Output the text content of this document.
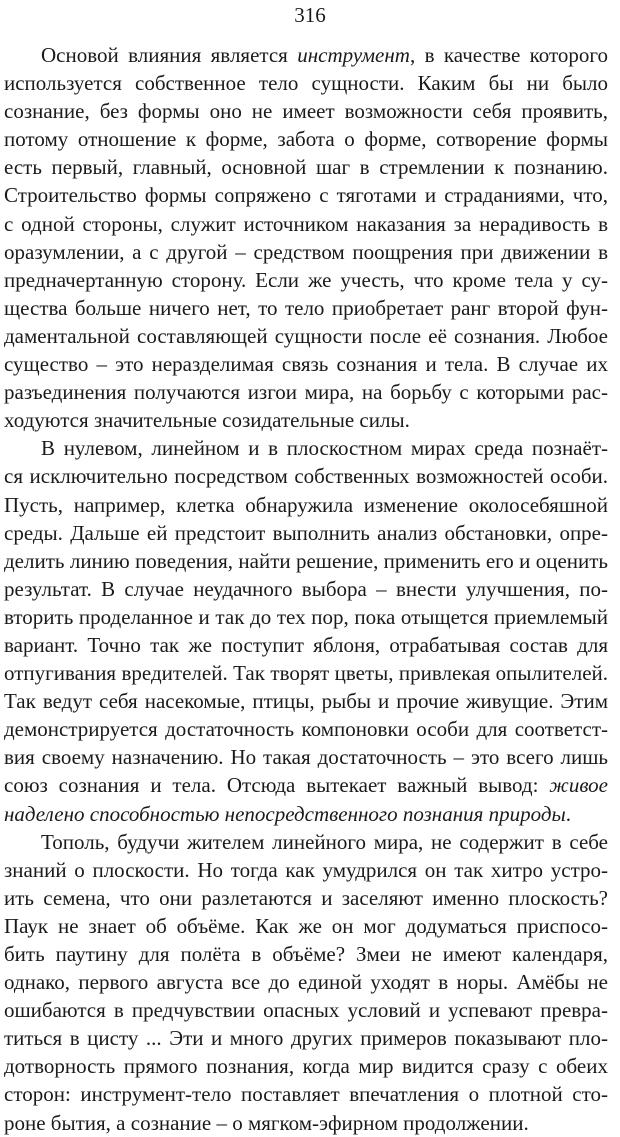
316
Основой влияния является инструмент, в качестве которого
используется собственное тело сущности. Каким бы ни было
сознание, без формы оно не имеет возможности себя проявить,
потому отношение к форме, забота о форме, сотворение формы
есть первый, главный, основной шаг в стремлении к познанию.
Строительство формы сопряжено с тяготами и страданиями, что,
с одной стороны, служит источником наказания за нерадивость в
оразумлении, а с другой – средством поощрения при движении в
предначертанную сторону. Если же учесть, что кроме тела у су-
щества больше ничего нет, то тело приобретает ранг второй фун-
даментальной составляющей сущности после её сознания. Любое
существо – это неразделимая связь сознания и тела. В случае их
разъединения получаются изгои мира, на борьбу с которыми рас-
ходуются значительные созидательные силы.
В нулевом, линейном и в плоскостном мирах среда познаёт-
ся исключительно посредством собственных возможностей особи.
Пусть, например, клетка обнаружила изменение околосебяшной
среды. Дальше ей предстоит выполнить анализ обстановки, опре-
делить линию поведения, найти решение, применить его и оценить
результат. В случае неудачного выбора – внести улучшения, по-
вторить проделанное и так до тех пор, пока отыщется приемлемый
вариант. Точно так же поступит яблоня, отрабатывая состав для
отпугивания вредителей. Так творят цветы, привлекая опылителей.
Так ведут себя насекомые, птицы, рыбы и прочие живущие. Этим
демонстрируется достаточность компоновки особи для соответст-
вия своему назначению. Но такая достаточность – это всего лишь
союз сознания и тела. Отсюда вытекает важный вывод: живое
наделено способностью непосредственного познания природы.
Тополь, будучи жителем линейного мира, не содержит в себе
знаний о плоскости. Но тогда как умудрился он так хитро устро-
ить семена, что они разлетаются и заселяют именно плоскость?
Паук не знает об объёме. Как же он мог додуматься приспосо-
бить паутину для полёта в объёме? Змеи не имеют календаря,
однако, первого августа все до единой уходят в норы. Амёбы не
ошибаются в предчувствии опасных условий и успевают превра-
титься в цисту ... Эти и много других примеров показывают пло-
дотворность прямого познания, когда мир видится сразу с обеих
сторон: инструмент-тело поставляет впечатления о плотной сто-
роне бытия, а сознание – о мягком-эфирном продолжении.
